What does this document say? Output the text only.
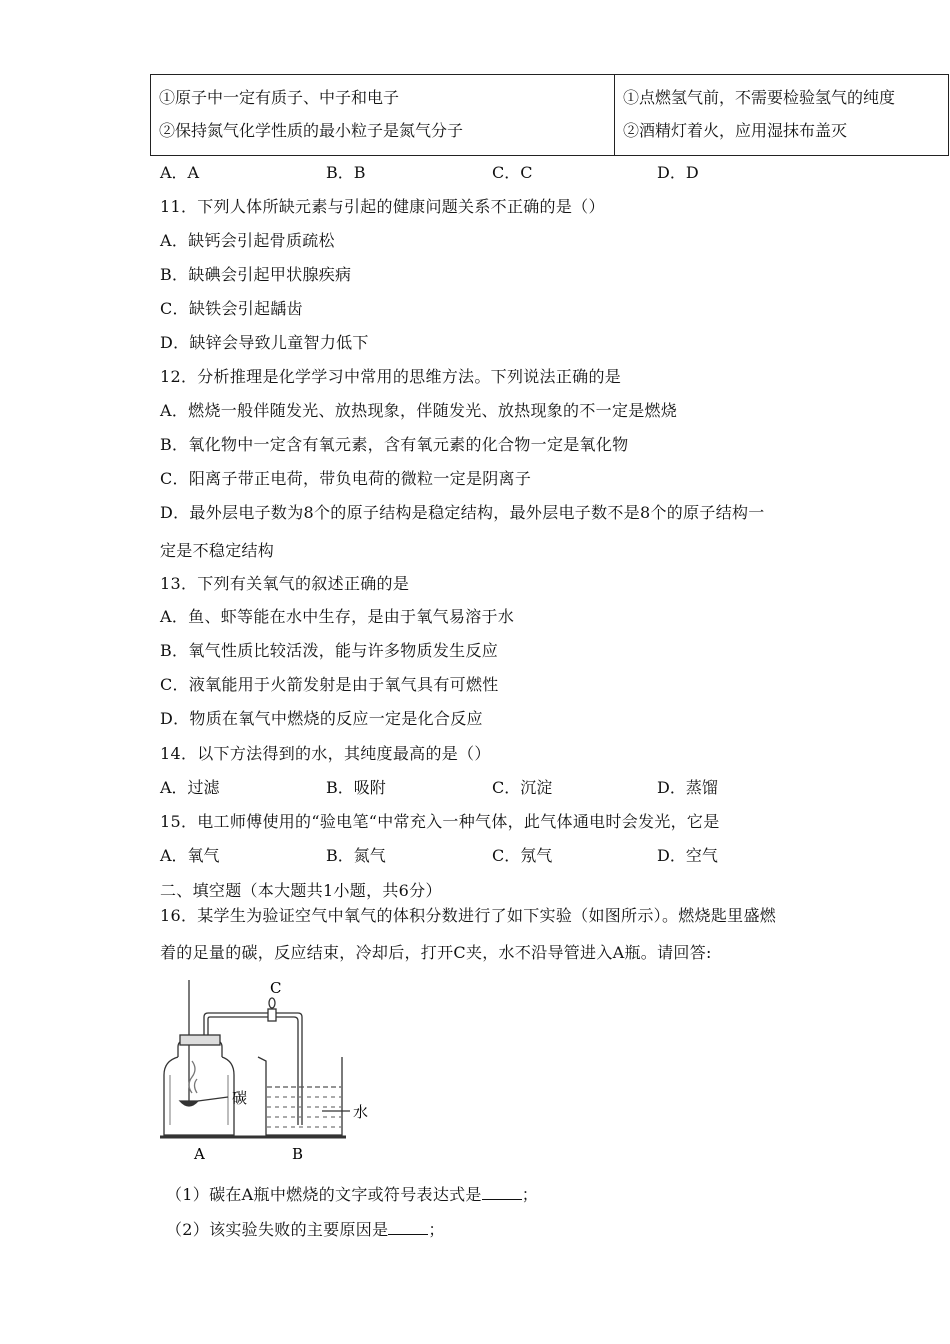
①原子中一定有质子、中子和电子
②保持氮气化学性质的最小粒子是氮气分子

①点燃氢气前，不需要检验氢气的纯度
②酒精灯着火，应用湿抹布盖灭
A．A	B．B	C．C	D．D
11．下列人体所缺元素与引起的健康问题关系不正确的是（）
A．缺钙会引起骨质疏松
B．缺碘会引起甲状腺疾病
C．缺铁会引起龋齿
D．缺锌会导致儿童智力低下
12．分析推理是化学学习中常用的思维方法。下列说法正确的是
A．燃烧一般伴随发光、放热现象，伴随发光、放热现象的不一定是燃烧
B．氧化物中一定含有氧元素，含有氧元素的化合物一定是氧化物
C．阳离子带正电荷，带负电荷的微粒一定是阴离子
D．最外层电子数为8个的原子结构是稳定结构，最外层电子数不是8个的原子结构一
定是不稳定结构
13．下列有关氧气的叙述正确的是
A．鱼、虾等能在水中生存，是由于氧气易溶于水
B．氧气性质比较活泼，能与许多物质发生反应
C．液氧能用于火箭发射是由于氧气具有可燃性
D．物质在氧气中燃烧的反应一定是化合反应
14．以下方法得到的水，其纯度最高的是（）
A．过滤	B．吸附	C．沉淀	D．蒸馏
15．电工师傅使用的“验电笔“中常充入一种气体，此气体通电时会发光，它是
A．氧气	B．氮气	C．氖气	D．空气
二、填空题（本大题共1小题，共6分）
16．某学生为验证空气中氧气的体积分数进行了如下实验（如图所示）。燃烧匙里盛燃
着的足量的碳，反应结束，冷却后，打开C夹，水不沿导管进入A瓶。请回答:
C
碳
水
A	B
（1）碳在A瓶中燃烧的文字或符号表达式是	；
（2）该实验失败的主要原因是	；
